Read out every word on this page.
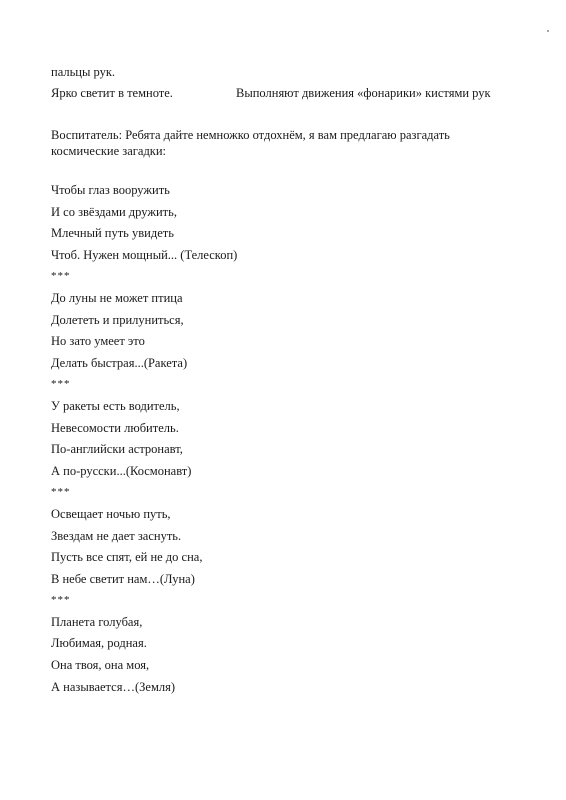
пальцы рук.
Ярко светит в темноте.	Выполняют движения «фонарики» кистями рук
Воспитатель: Ребята дайте немножко отдохнём, я вам предлагаю разгадать
космические загадки:
Чтобы глаз вооружить
И со звёздами дружить,
Млечный путь увидеть
Чтоб. Нужен мощный... (Телескоп)
***
До луны не может птица
Долететь и прилуниться,
Но зато умеет это
Делать быстрая...(Ракета)
***
У ракеты есть водитель,
Невесомости любитель.
По-английски астронавт,
А по-русски...(Космонавт)
***
Освещает ночью путь,
Звездам не дает заснуть.
Пусть все спят, ей не до сна,
В небе светит нам…(Луна)
***
Планета голубая,
Любимая, родная.
Она твоя, она моя,
А называется…(Земля)
